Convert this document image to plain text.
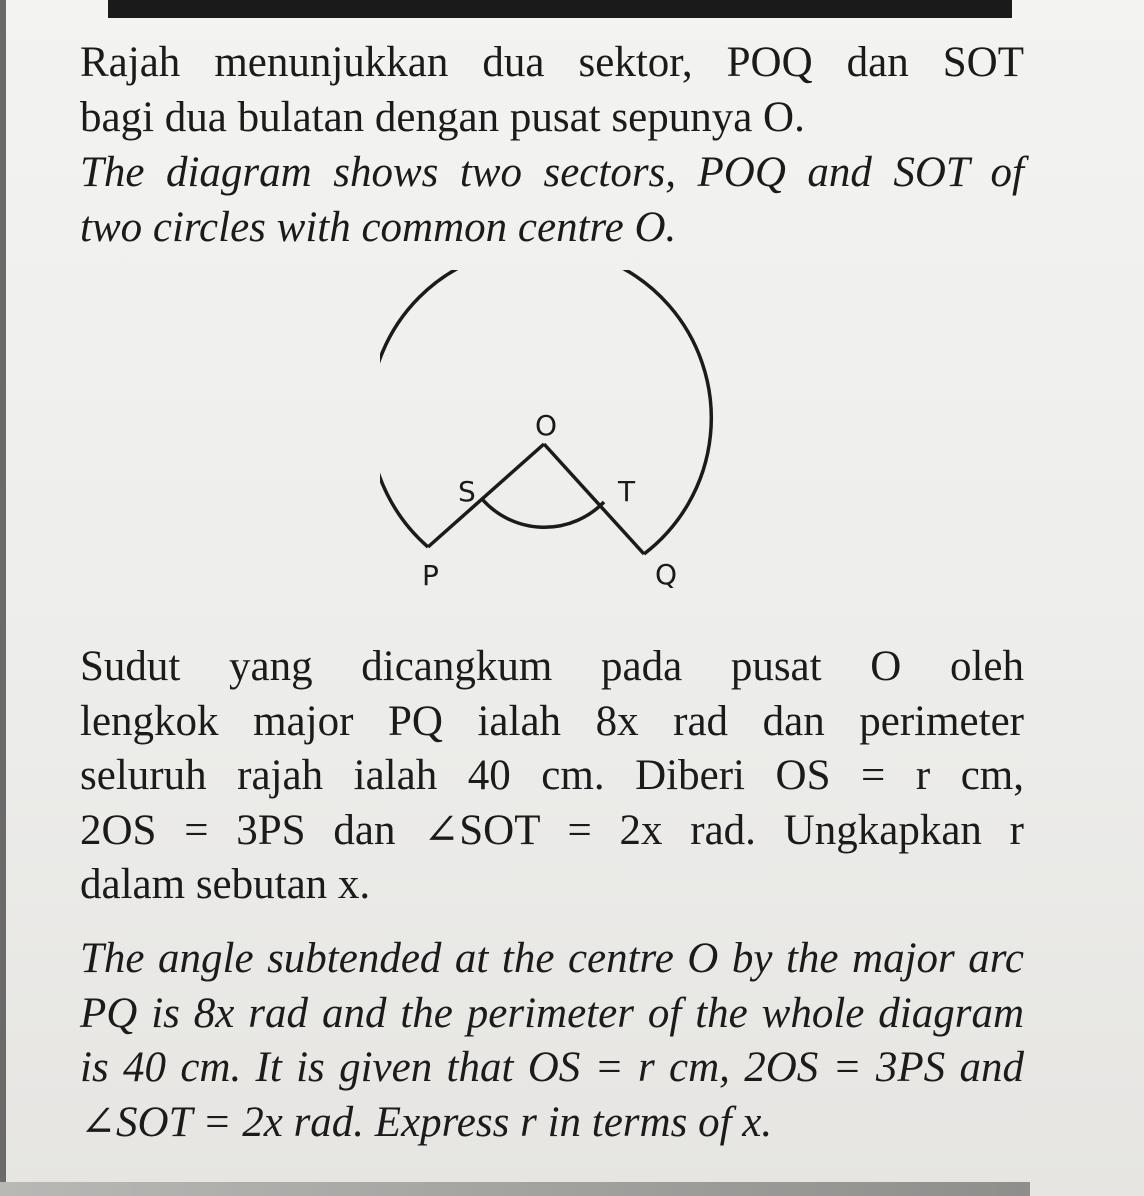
Rajah menunjukkan dua sektor, POQ dan SOT
bagi dua bulatan dengan pusat sepunya O.

The diagram shows two sectors, POQ and SOT of
two circles with common centre O.

O
S	T
P	Q

Sudut yang dicangkum pada pusat O oleh
lengkok major PQ ialah 8x rad dan perimeter
seluruh rajah ialah 40 cm. Diberi OS = r cm,
2OS = 3PS dan ∠SOT = 2x rad. Ungkapkan r
dalam sebutan x.

The angle subtended at the centre O by the major arc
PQ is 8x rad and the perimeter of the whole diagram
is 40 cm. It is given that OS = r cm, 2OS = 3PS and
∠SOT = 2x rad. Express r in terms of x.
